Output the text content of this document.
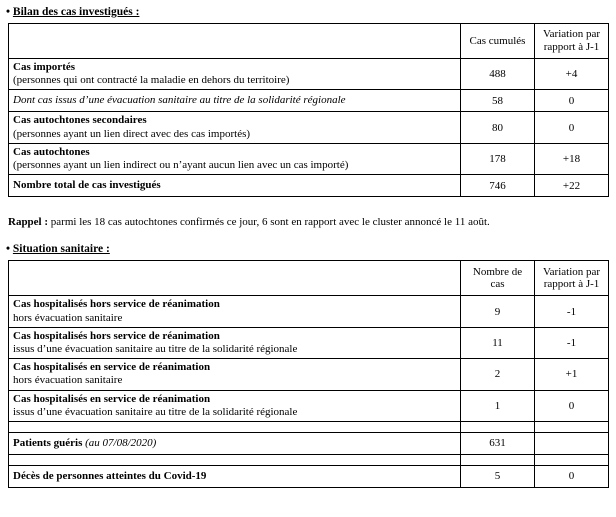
• Bilan des cas investigués :
	Cas cumulés	Variation par rapport à J-1

Cas importés
(personnes qui ont contracté la maladie en dehors du territoire)	488	+4

Dont cas issus d’une évacuation sanitaire au titre de la solidarité régionale	58	0

Cas autochtones secondaires
(personnes ayant un lien direct avec des cas importés)	80	0

Cas autochtones
(personnes ayant un lien indirect ou n’ayant aucun lien avec un cas importé)	178	+18

Nombre total de cas investigués	746	+22
Rappel : parmi les 18 cas autochtones confirmés ce jour, 6 sont en rapport avec le cluster annoncé le 11 août.
• Situation sanitaire :
	Nombre de cas	Variation par rapport à J-1

Cas hospitalisés hors service de réanimation
hors évacuation sanitaire	9	-1

Cas hospitalisés hors service de réanimation
issus d’une évacuation sanitaire au titre de la solidarité régionale	11	-1

Cas hospitalisés en service de réanimation
hors évacuation sanitaire	2	+1

Cas hospitalisés en service de réanimation
issus d’une évacuation sanitaire au titre de la solidarité régionale	1	0

Patients guéris (au 07/08/2020)	631	

Décès de personnes atteintes du Covid-19	5	0
